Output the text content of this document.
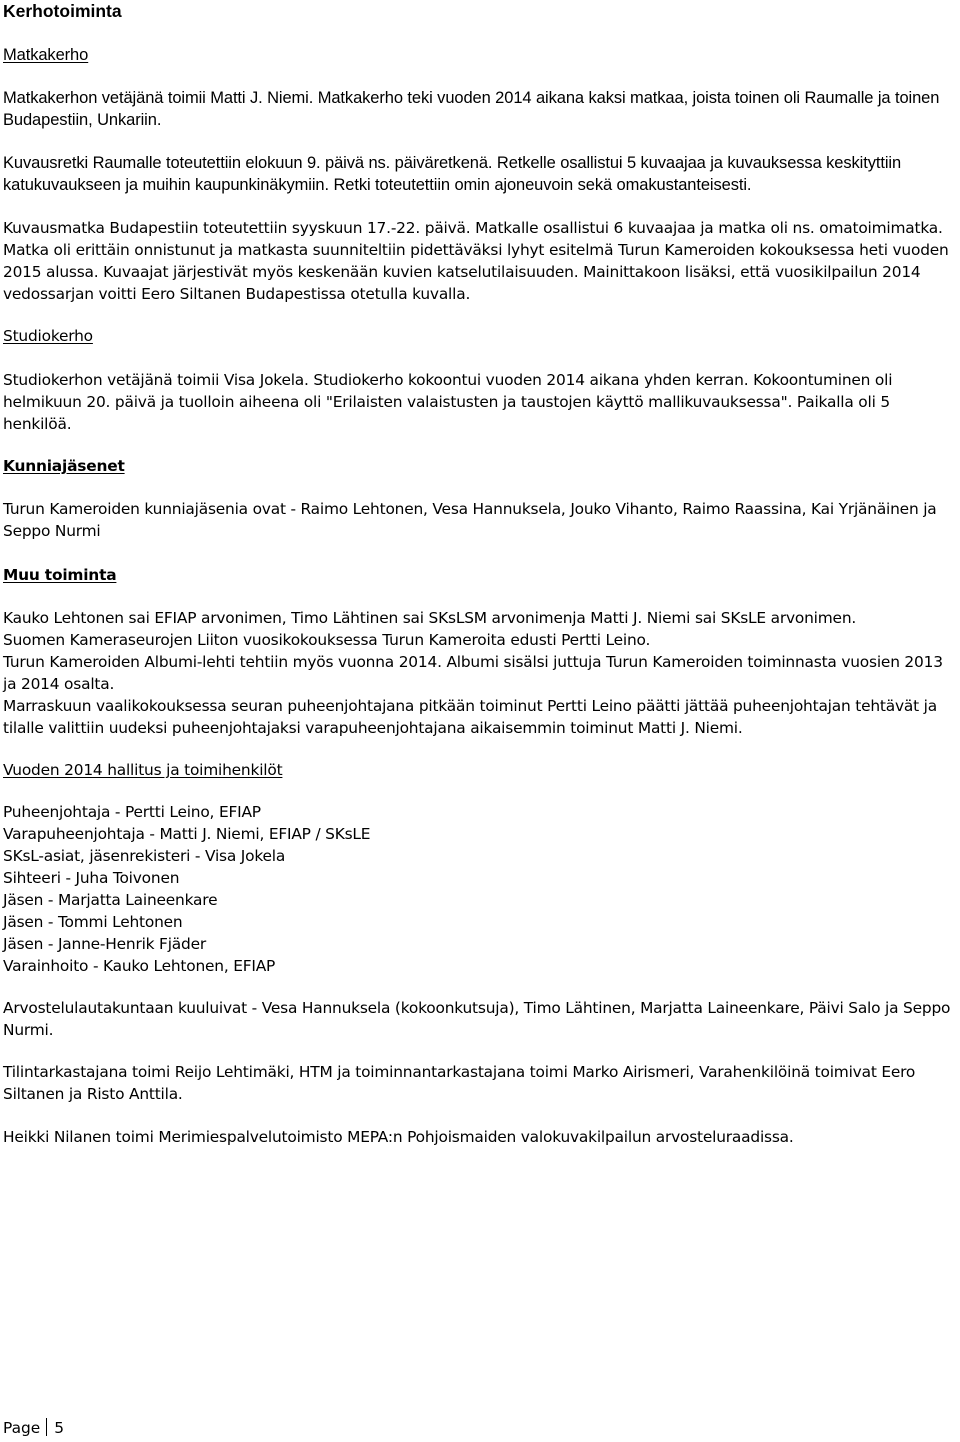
Kerhotoiminta
Matkakerho

Matkakerhon vetäjänä toimii Matti J. Niemi. Matkakerho teki vuoden 2014 aikana kaksi matkaa, joista toinen oli Raumalle ja toinen Budapestiin, Unkariin.

Kuvausretki Raumalle toteutettiin elokuun 9. päivä ns. päiväretkenä. Retkelle osallistui 5 kuvaajaa ja kuvauksessa keskityttiin katukuvaukseen ja muihin kaupunkinäkymiin. Retki toteutettiin omin ajoneuvoin sekä omakustanteisesti.

Kuvausmatka Budapestiin toteutettiin syyskuun 17.-22. päivä. Matkalle osallistui 6 kuvaajaa ja matka oli ns. omatoimimatka. Matka oli erittäin onnistunut ja matkasta suunniteltiin pidettäväksi lyhyt esitelmä Turun Kameroiden kokouksessa heti vuoden 2015 alussa. Kuvaajat järjestivät myös keskenään kuvien katselutilaisuuden. Mainittakoon lisäksi, että vuosikilpailun 2014 vedossarjan voitti Eero Siltanen Budapestissa otetulla kuvalla.

Studiokerho

Studiokerhon vetäjänä toimii Visa Jokela. Studiokerho kokoontui vuoden 2014 aikana yhden kerran. Kokoontuminen oli helmikuun 20. päivä ja tuolloin aiheena oli "Erilaisten valaistusten ja taustojen käyttö mallikuvauksessa". Paikalla oli 5 henkilöä.

Kunniajäsenet

Turun Kameroiden kunniajäsenia ovat - Raimo Lehtonen, Vesa Hannuksela, Jouko Vihanto, Raimo Raassina, Kai Yrjänäinen ja Seppo Nurmi

Muu toiminta
Kauko Lehtonen sai EFIAP arvonimen, Timo Lähtinen sai SKsLSM arvonimenja Matti J. Niemi sai SKsLE arvonimen.
Suomen Kameraseurojen Liiton vuosikokouksessa Turun Kameroita edusti Pertti Leino.
Turun Kameroiden Albumi-lehti tehtiin myös vuonna 2014. Albumi sisälsi juttuja Turun Kameroiden toiminnasta vuosien 2013 ja 2014 osalta.
Marraskuun vaalikokouksessa seuran puheenjohtajana pitkään toiminut Pertti Leino päätti jättää puheenjohtajan tehtävät ja tilalle valittiin uudeksi puheenjohtajaksi varapuheenjohtajana aikaisemmin toiminut Matti J. Niemi.
Vuoden 2014 hallitus ja toimihenkilöt
Puheenjohtaja - Pertti Leino, EFIAP
Varapuheenjohtaja - Matti J. Niemi, EFIAP / SKsLE
SKsL-asiat, jäsenrekisteri - Visa Jokela
Sihteeri - Juha Toivonen
Jäsen - Marjatta Laineenkare
Jäsen - Tommi Lehtonen
Jäsen - Janne-Henrik Fjäder
Varainhoito - Kauko Lehtonen, EFIAP

Arvostelulautakuntaan kuuluivat - Vesa Hannuksela (kokoonkutsuja), Timo Lähtinen, Marjatta Laineenkare, Päivi Salo ja Seppo Nurmi.

Tilintarkastajana toimi Reijo Lehtimäki, HTM ja toiminnantarkastajana toimi Marko Airismeri, Varahenkilöinä toimivat Eero Siltanen ja Risto Anttila.

Heikki Nilanen toimi Merimiespalvelutoimisto MEPA:n Pohjoismaiden valokuvakilpailun arvosteluraadissa.

Page 5
